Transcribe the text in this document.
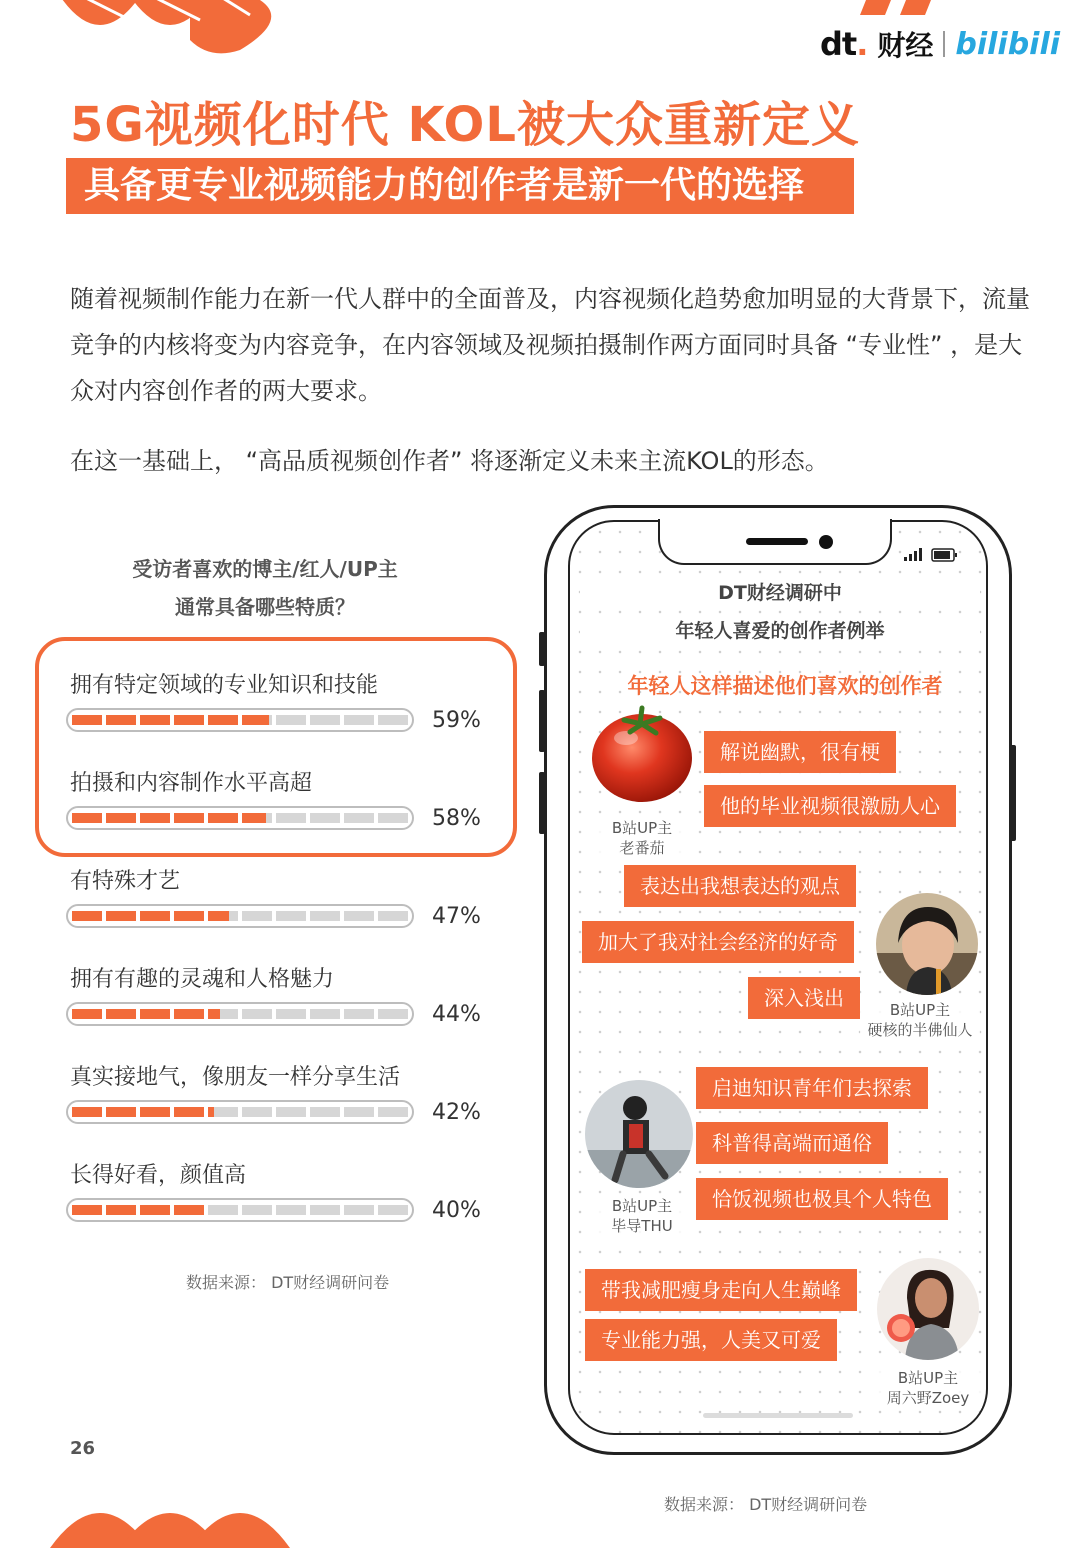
dt. 财经 bilibili
5G视频化时代 KOL被大众重新定义
具备更专业视频能力的创作者是新一代的选择
随着视频制作能力在新一代人群中的全面普及，内容视频化趋势愈加明显的大背景下，流量竞争的内核将变为内容竞争，在内容领域及视频拍摄制作两方面同时具备 “专业性” ，是大众对内容创作者的两大要求。
在这一基础上， “高品质视频创作者” 将逐渐定义未来主流KOL的形态。
受访者喜欢的博主/红人/UP主
通常具备哪些特质？
拥有特定领域的专业知识和技能
59%
拍摄和内容制作水平高超
58%
有特殊才艺
47%
拥有有趣的灵魂和人格魅力
44%
真实接地气，像朋友一样分享生活
42%
长得好看，颜值高
40%
数据来源： DT财经调研问卷
DT财经调研中
年轻人喜爱的创作者例举
年轻人这样描述他们喜欢的创作者
B站UP主
老番茄
解说幽默，很有梗
他的毕业视频很激励人心
表达出我想表达的观点
加大了我对社会经济的好奇
深入浅出	B站UP主
硬核的半佛仙人
B站UP主
毕导THU
启迪知识青年们去探索
科普得高端而通俗
恰饭视频也极具个人特色
带我减肥瘦身走向人生巅峰
专业能力强，人美又可爱
B站UP主
周六野Zoey
26
数据来源： DT财经调研问卷
